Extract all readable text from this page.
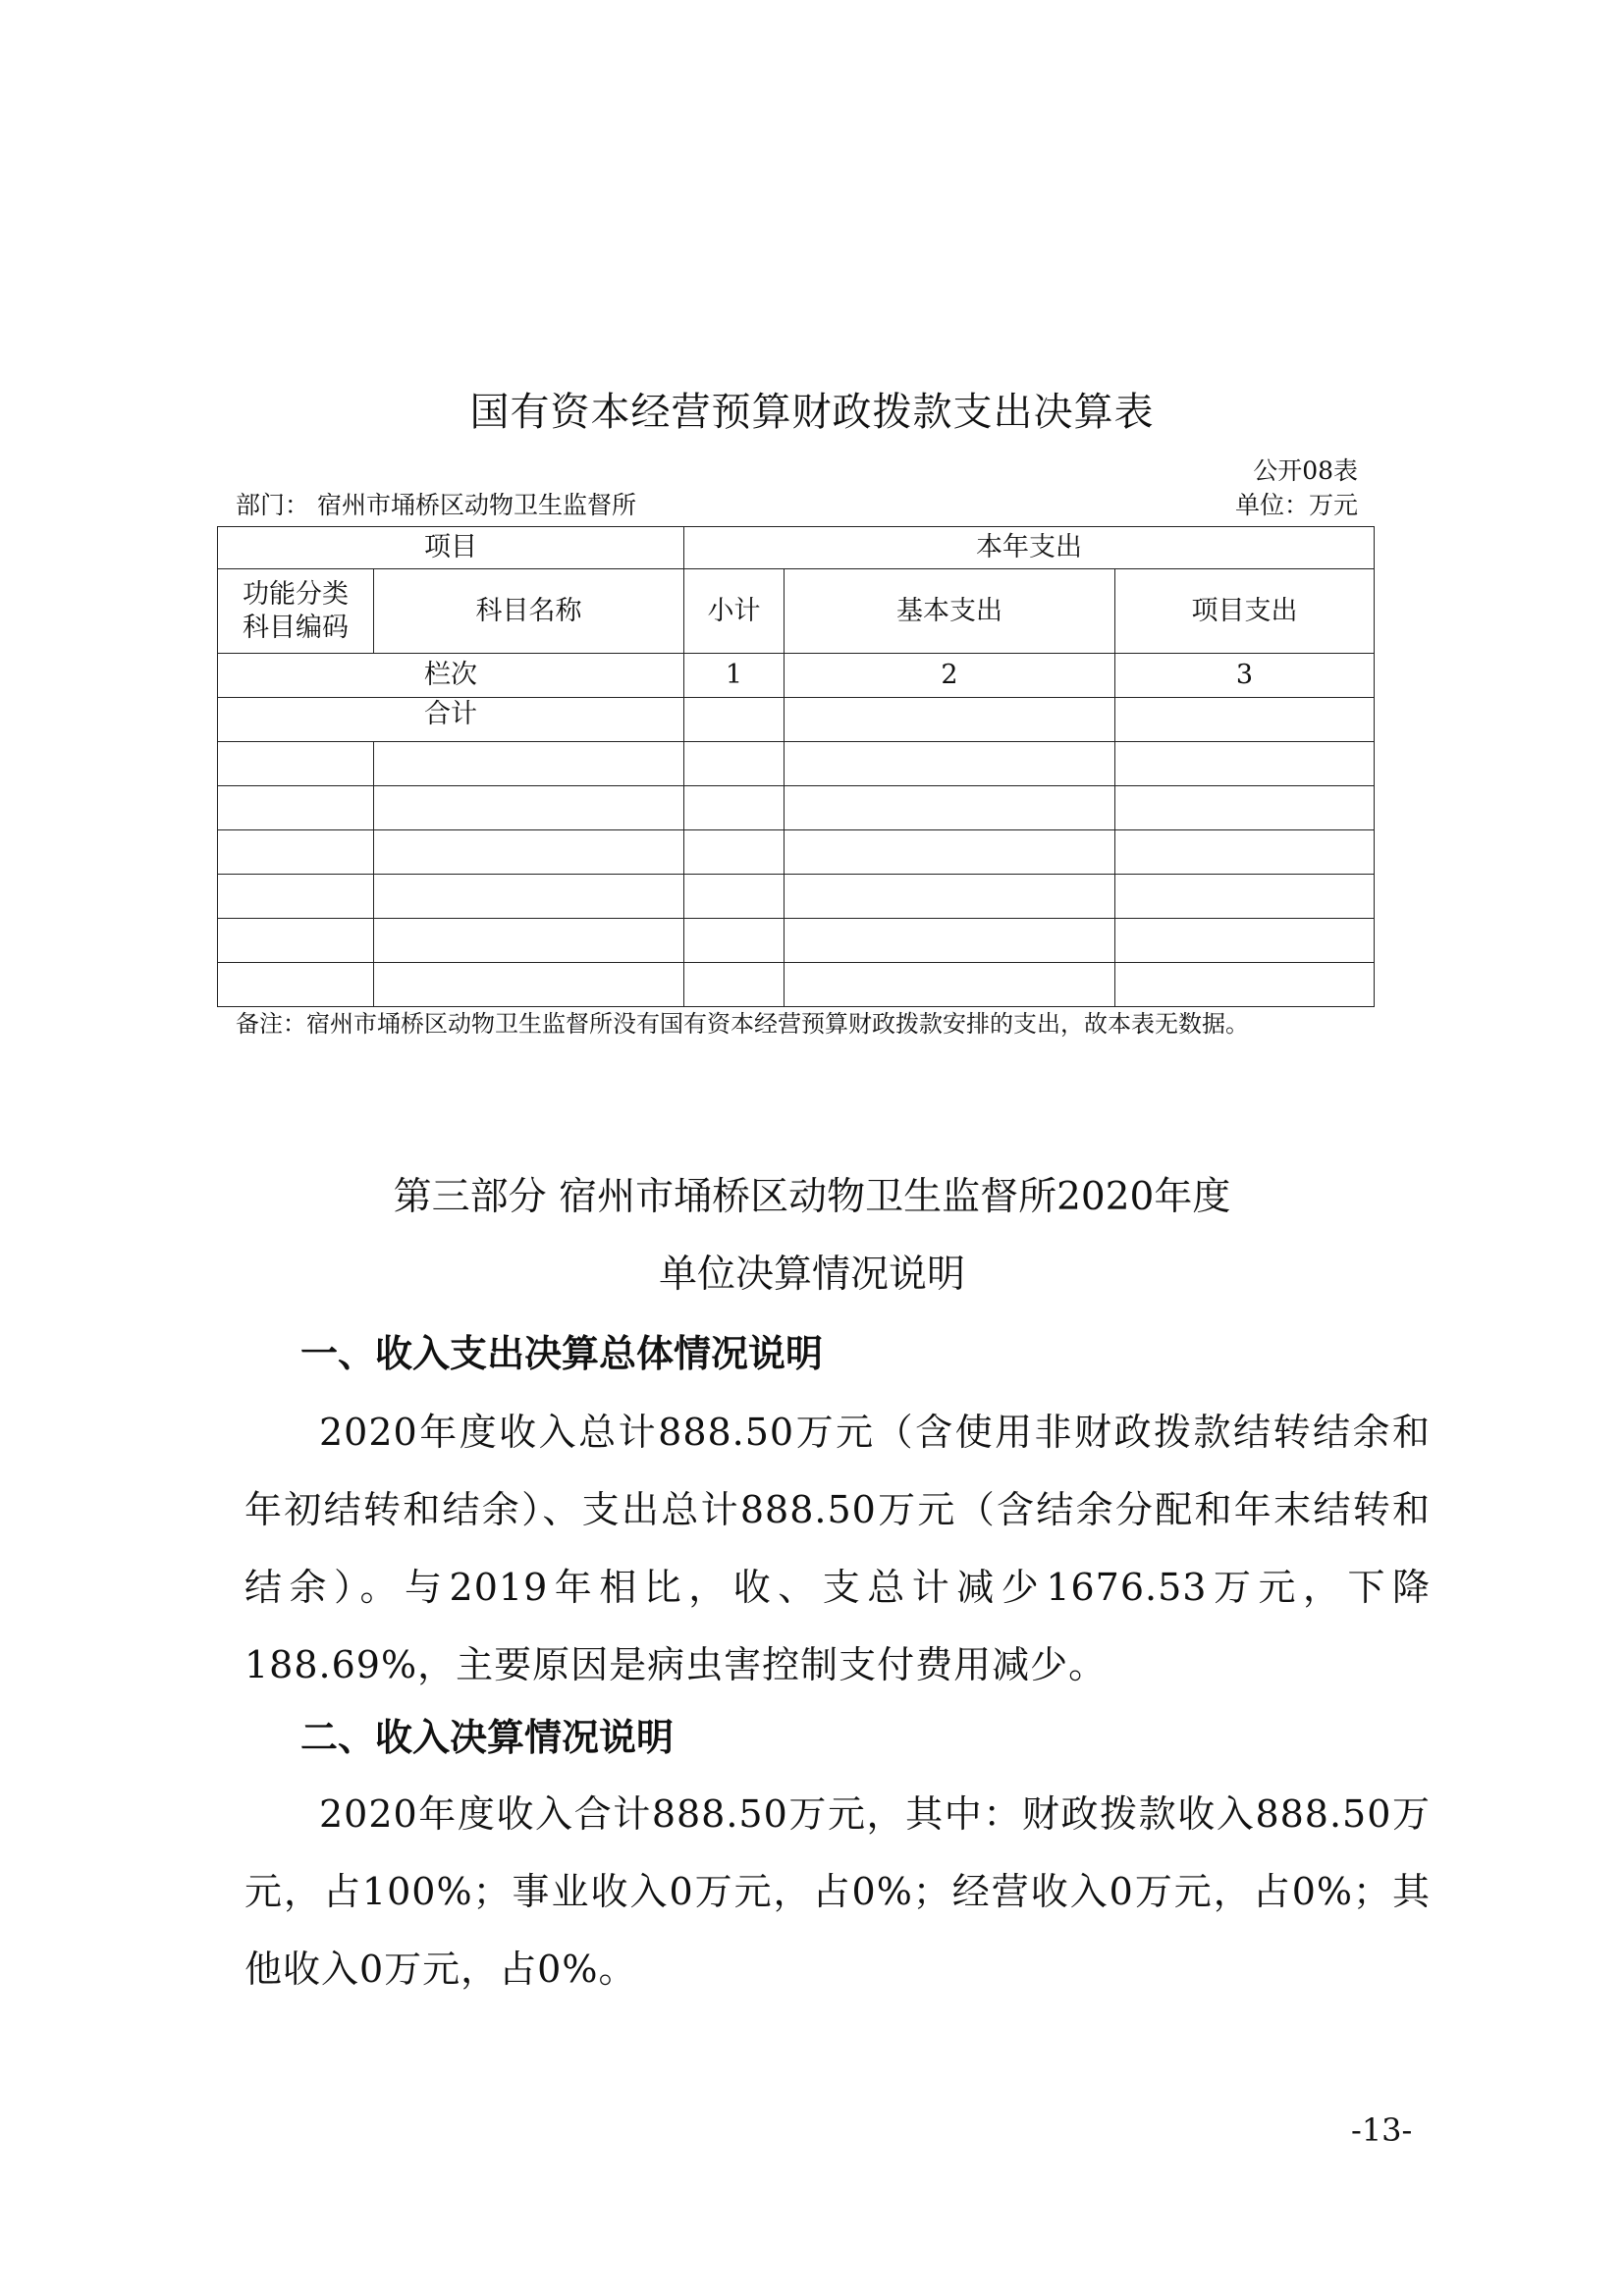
国有资本经营预算财政拨款支出决算表
公开08表
部门： 宿州市埇桥区动物卫生监督所	单位：万元
项目		本年支出		

功能分类科目编码	科目名称	小计	基本支出	项目支出
栏次		1	2	3
合计				

备注：宿州市埇桥区动物卫生监督所没有国有资本经营预算财政拨款安排的支出，故本表无数据。
第三部分 宿州市埇桥区动物卫生监督所2020年度
单位决算情况说明
一、收入支出决算总体情况说明
2020年度收入总计888.50万元（含使用非财政拨款结转结余和年初结转和结余）、支出总计888.50万元（含结余分配和年末结转和结余）。与2019年相比，收、支总计减少1676.53万元，下降188.69%，主要原因是病虫害控制支付费用减少。
二、收入决算情况说明
2020年度收入合计888.50万元，其中：财政拨款收入888.50万元，占100%；事业收入0万元，占0%；经营收入0万元，占0%；其他收入0万元，占0%。
-13-
